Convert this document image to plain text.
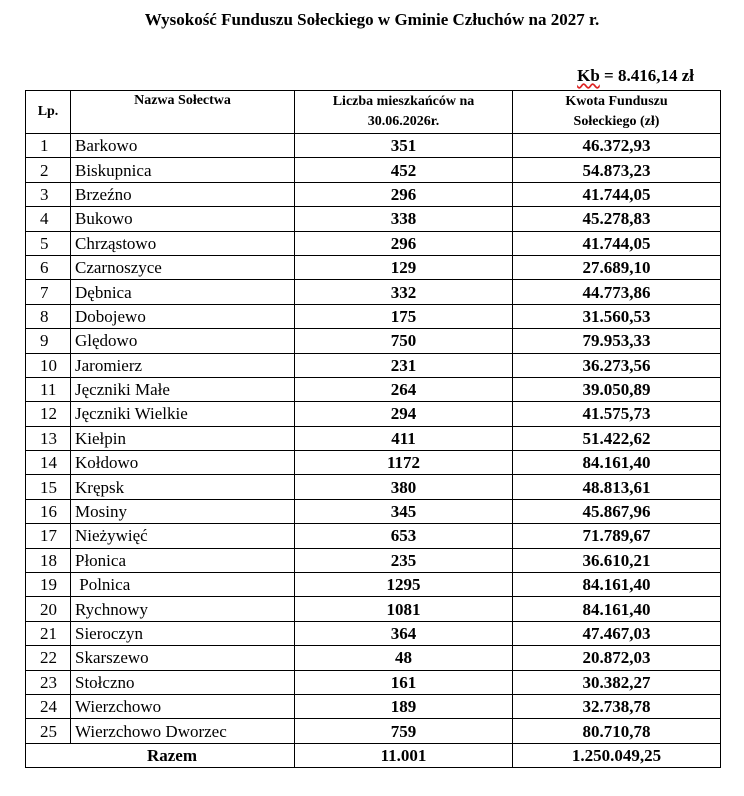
Wysokość Funduszu Sołeckiego w Gminie Człuchów na 2027 r.
Kb = 8.416,14 zł
Lp.	Nazwa Sołectwa	Liczba mieszkańców na 30.06.2026r.	Kwota Funduszu Sołeckiego (zł)
1	Barkowo	351	46.372,93
2	Biskupnica	452	54.873,23
3	Brzeźno	296	41.744,05
4	Bukowo	338	45.278,83
5	Chrząstowo	296	41.744,05
6	Czarnoszyce	129	27.689,10
7	Dębnica	332	44.773,86
8	Dobojewo	175	31.560,53
9	Ględowo	750	79.953,33
10	Jaromierz	231	36.273,56
11	Jęczniki Małe	264	39.050,89
12	Jęczniki Wielkie	294	41.575,73
13	Kiełpin	411	51.422,62
14	Kołdowo	1172	84.161,40
15	Krępsk	380	48.813,61
16	Mosiny	345	45.867,96
17	Nieżywięć	653	71.789,67
18	Płonica	235	36.610,21
19	Polnica	1295	84.161,40
20	Rychnowy	1081	84.161,40
21	Sieroczyn	364	47.467,03
22	Skarszewo	48	20.872,03
23	Stołczno	161	30.382,27
24	Wierzchowo	189	32.738,78
25	Wierzchowo Dworzec	759	80.710,78
Razem		11.001	1.250.049,25
